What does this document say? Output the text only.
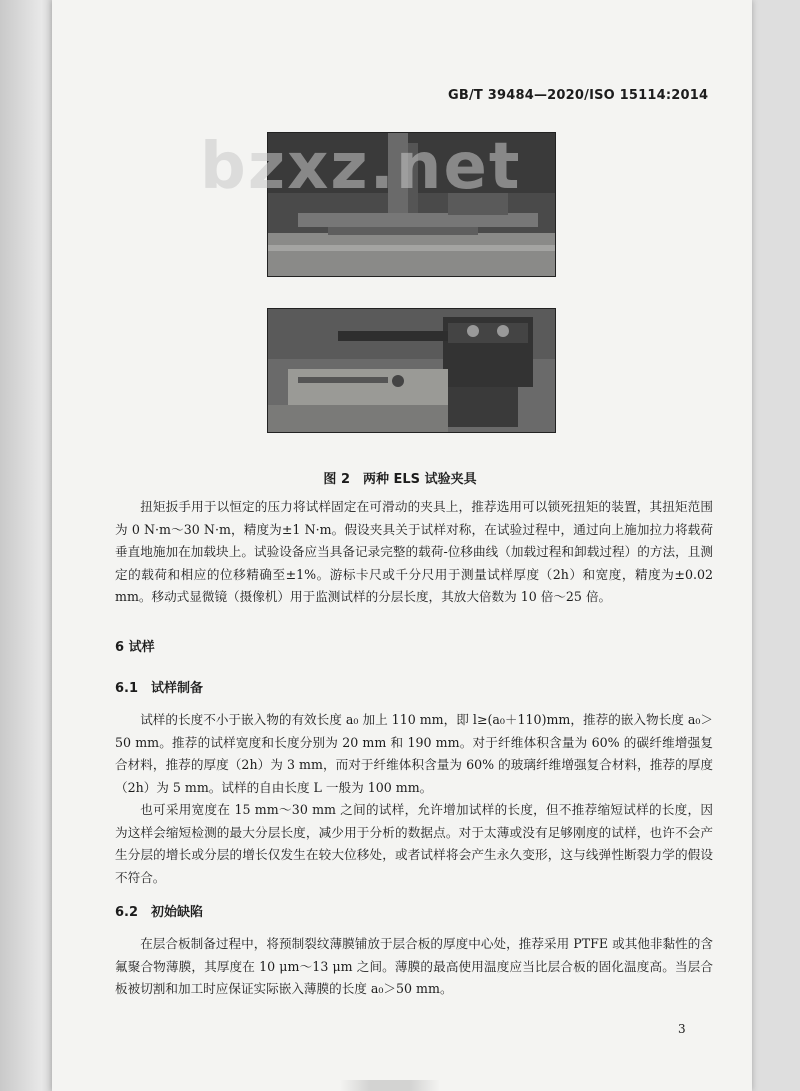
GB/T 39484—2020/ISO 15114:2014
bzxz.net
图 2　两种 ELS 试验夹具

扭矩扳手用于以恒定的压力将试样固定在可滑动的夹具上，推荐选用可以锁死扭矩的装置，其扭矩范围为 0 N·m～30 N·m，精度为±1 N·m。假设夹具关于试样对称，在试验过程中，通过向上施加拉力将载荷垂直地施加在加载块上。试验设备应当具备记录完整的载荷-位移曲线（加载过程和卸载过程）的方法，且测定的载荷和相应的位移精确至±1%。游标卡尺或千分尺用于测量试样厚度（2h）和宽度，精度为±0.02 mm。移动式显微镜（摄像机）用于监测试样的分层长度，其放大倍数为 10 倍～25 倍。

6 试样
6.1　试样制备

试样的长度不小于嵌入物的有效长度 a₀ 加上 110 mm，即 l≥(a₀＋110)mm，推荐的嵌入物长度 a₀＞50 mm。推荐的试样宽度和长度分别为 20 mm 和 190 mm。对于纤维体积含量为 60% 的碳纤维增强复合材料，推荐的厚度（2h）为 3 mm，而对于纤维体积含量为 60% 的玻璃纤维增强复合材料，推荐的厚度（2h）为 5 mm。试样的自由长度 L 一般为 100 mm。

也可采用宽度在 15 mm～30 mm 之间的试样，允许增加试样的长度，但不推荐缩短试样的长度，因为这样会缩短检测的最大分层长度，减少用于分析的数据点。对于太薄或没有足够刚度的试样，也许不会产生分层的增长或分层的增长仅发生在较大位移处，或者试样将会产生永久变形，这与线弹性断裂力学的假设不符合。

6.2　初始缺陷

在层合板制备过程中，将预制裂纹薄膜铺放于层合板的厚度中心处，推荐采用 PTFE 或其他非黏性的含氟聚合物薄膜，其厚度在 10 μm～13 μm 之间。薄膜的最高使用温度应当比层合板的固化温度高。当层合板被切割和加工时应保证实际嵌入薄膜的长度 a₀＞50 mm。

3
